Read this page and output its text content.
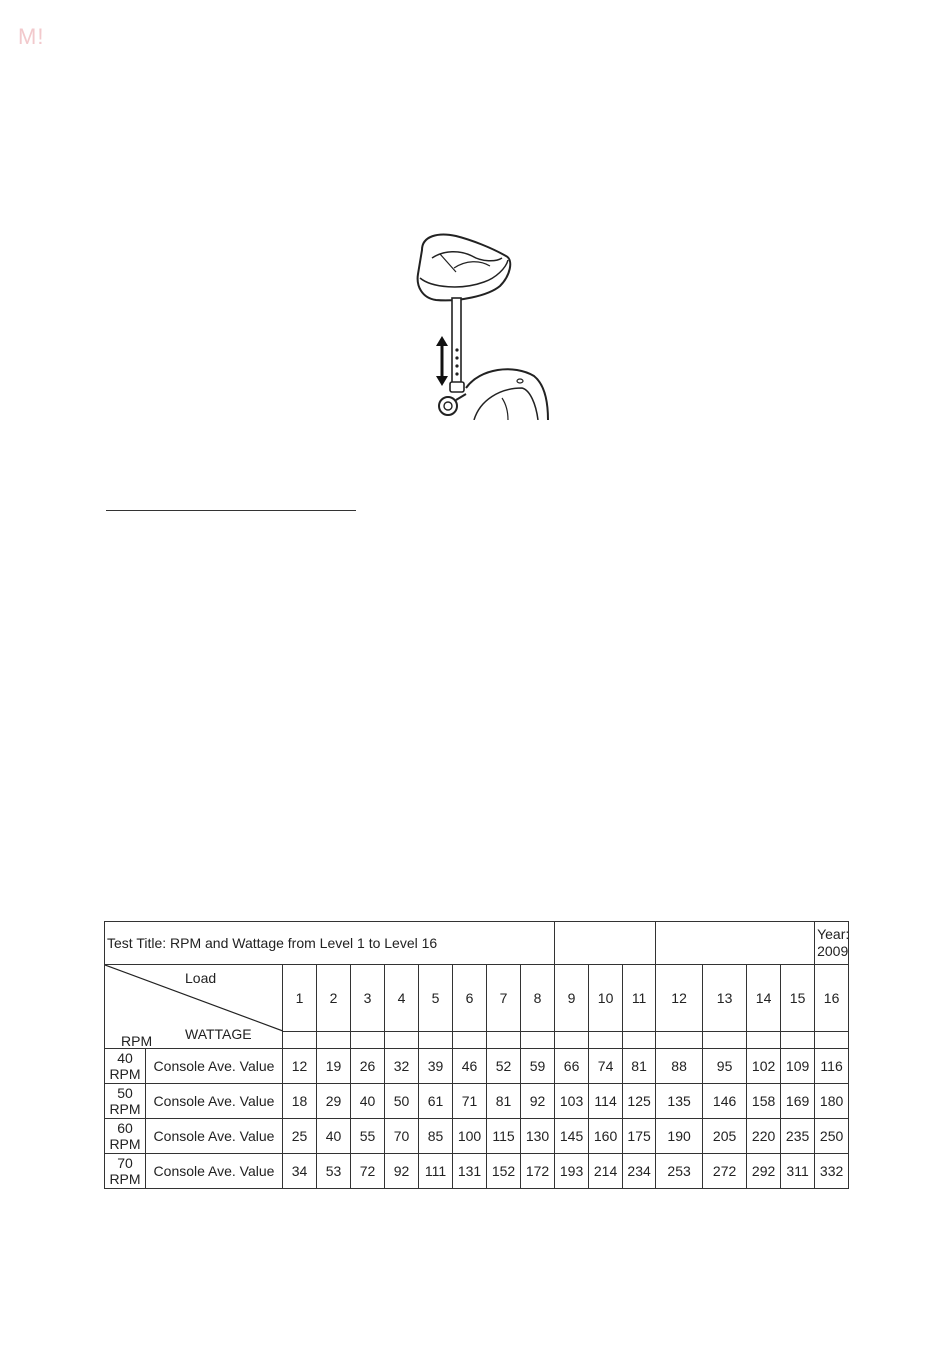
M!
Test Title: RPM and Wattage from Level 1 to Level 16																	Year:
2009

Load
WATTAGE
RPM		1	2	3	4	5	6	7	8	9	10	11	12	13	14	15	16

40
RPM	Console Ave. Value	12	19	26	32	39	46	52	59	66	74	81	88	95	102	109	116
50
RPM	Console Ave. Value	18	29	40	50	61	71	81	92	103	114	125	135	146	158	169	180
60
RPM	Console Ave. Value	25	40	55	70	85	100	115	130	145	160	175	190	205	220	235	250
70
RPM	Console Ave. Value	34	53	72	92	111	131	152	172	193	214	234	253	272	292	311	332
